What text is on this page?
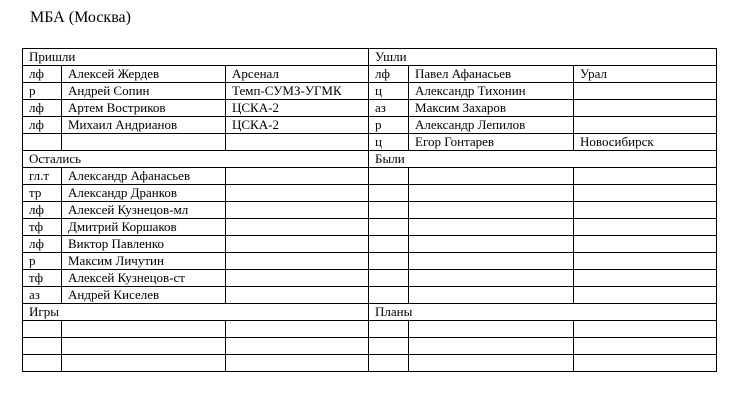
МБА (Москва)
Пришли			Ушли		
лф	Алексей Жердев	Арсенал	лф	Павел Афанасьев	Урал
р	Андрей Сопин	Темп-СУМЗ-УГМК	ц	Александр Тихонин	
лф	Артем Востриков	ЦСКА-2	аз	Максим Захаров	
лф	Михаил Андрианов	ЦСКА-2	р	Александр Лепилов	
			ц	Егор Гонтарев	Новосибирск
Остались			Были		
гл.т	Александр Афанасьев				
тр	Александр Дранков				
лф	Алексей Кузнецов-мл				
тф	Дмитрий Коршаков				
лф	Виктор Павленко				
р	Максим Личутин				
тф	Алексей Кузнецов-ст				
аз	Андрей Киселев				
Игры			Планы		
